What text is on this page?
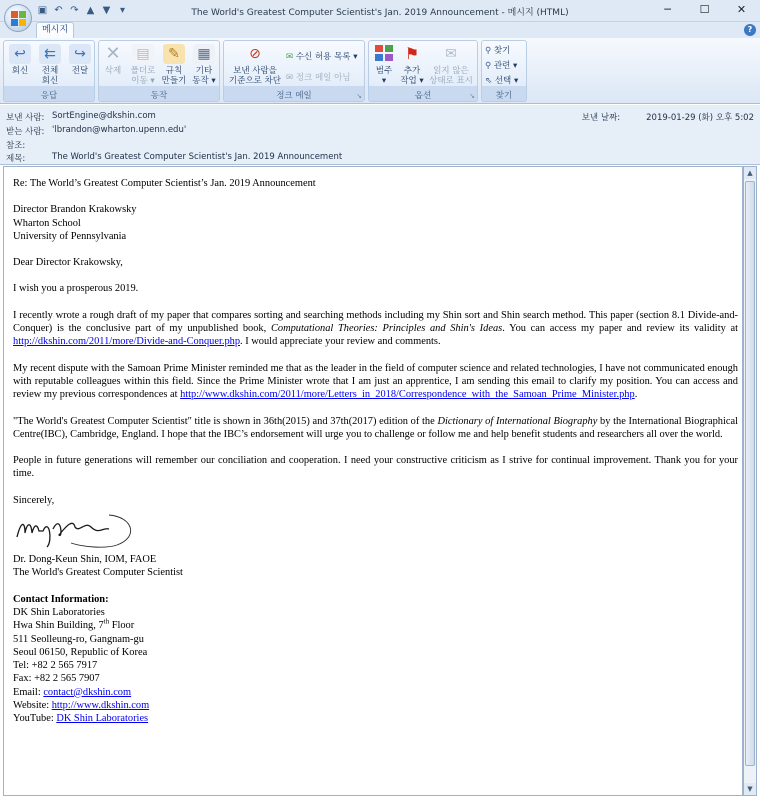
▣ ↶ ↷ ▲ ▼ ▾	The World's Greatest Computer Scientist's Jan. 2019 Announcement - 메시지 (HTML)	─	☐	✕
메시지	?
↩
회신
⇇
전체
회신
↪
전달
응답
✕
삭제
▤
폴더로
이동 ▾
✎
규칙
만들기
▦
기타
동작 ▾
동작
⊘
보낸 사람을
기준으로 차단
✉ 수신 허용 목록 ▾
✉ 정크 메일 아님
정크 메일	↘
범주
▾
⚑
추가
작업 ▾
✉
읽지 않은
상태로 표시
옵션	↘
⚲ 찾기
⚲ 관련 ▾
⇖ 선택 ▾
찾기
보낸 사람: SortEngine@dkshin.com
받는 사람: 'lbrandon@wharton.upenn.edu'
참조:
제목:	The World's Greatest Computer Scientist's Jan. 2019 Announcement
보낸 날짜:	2019-01-29 (화) 오후 5:02

Re: The World’s Greatest Computer Scientist’s Jan. 2019 Announcement

Director Brandon Krakowsky
Wharton School
University of Pennsylvania

Dear Director Krakowsky,

I wish you a prosperous 2019.

I recently wrote a rough draft of my paper that compares sorting and searching methods including my Shin sort and Shin search method. This paper (section 8.1 Divide-and-Conquer) is the conclusive part of my unpublished book, Computational Theories: Principles and Shin's Ideas. You can access my paper and review its validity at http://dkshin.com/2011/more/Divide-and-Conquer.php. I would appreciate your review and comments.

My recent dispute with the Samoan Prime Minister reminded me that as the leader in the field of computer science and related technologies, I have not communicated enough with reputable colleagues within this field. Since the Prime Minister wrote that I am just an apprentice, I am sending this email to clarify my position. You can access and review my previous correspondences at http://www.dkshin.com/2011/more/Letters_in_2018/Correspondence_with_the_Samoan_Prime_Minister.php.

"The World's Greatest Computer Scientist" title is shown in 36th(2015) and 37th(2017) edition of the Dictionary of International Biography by the International Biographical Centre(IBC), Cambridge, England. I hope that the IBC’s endorsement will urge you to challenge or follow me and help benefit students and researchers all over the world.

People in future generations will remember our conciliation and cooperation. I need your constructive criticism as I strive for continual improvement. Thank you for your time.

Sincerely,

Dr. Dong-Keun Shin, IOM, FAOE
The World's Greatest Computer Scientist

Contact Information:
DK Shin Laboratories
Hwa Shin Building, 7th Floor
511 Seolleung-ro, Gangnam-gu
Seoul 06150, Republic of Korea
Tel: +82 2 565 7917
Fax: +82 2 565 7907
Email: contact@dkshin.com
Website: http://www.dkshin.com
YouTube: DK Shin Laboratories

▲
▼
